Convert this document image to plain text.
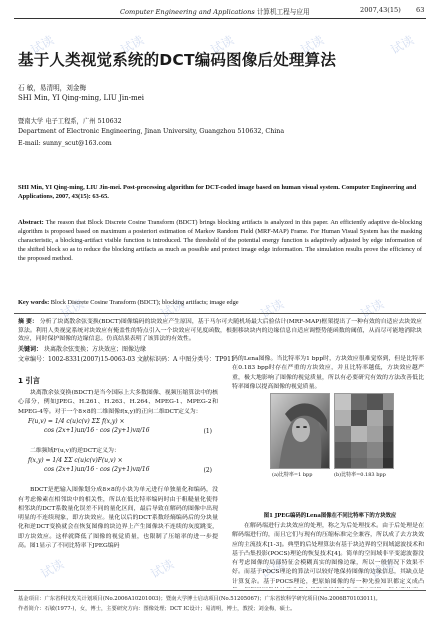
试读	试读	试读	试读	试读
试读	试读	试读	试读
试读	试读	试读	试读
Computer Engineering and Applications 计算机工程与应用	2007,43(15) 63
基于人类视觉系统的DCT编码图像后处理算法
石 敏，易清明，刘金梅
SHI Min, YI Qing-ming, LIU Jin-mei
暨南大学 电子工程系，广州 510632
Department of Electronic Engineering, Jinan University, Guangzhou 510632, China
E-mail: sunny_scut@163.com
SHI Min, YI Qing-ming, LIU Jin-mei. Post-processing algorithm for DCT-coded image based on human visual system. Computer Engineering and Applications, 2007, 43(15): 63-65.
Abstract: The reason that Block Discrete Cosine Transform (BDCT) brings blocking artifacts is analyzed in this paper. An efficiently adaptive de-blocking algorithm is proposed based on maximum a posteriori estimation of Markov Random Field (MRF-MAP) Frame. For Human Visual System has the masking characteristic, a blocking-artifact visible function is introduced. The threshold of the potential energy function is adaptively adjusted by edge information of the shifted block so as to reduce the blocking artifacts as much as possible and protect image edge information. The simulation results prove the efficiency of the proposed method.
Key words: Block Discrete Cosine Transform (BDCT); blocking artifacts; image edge
摘 要： 分析了块离散余弦变换(BDCT)图像编码的块效应产生原因，基于马尔可夫随机场最大后验估计(MRF-MAP)框架提出了一种有效的自适应去块效应算法。利用人类视觉系统对块效应有掩盖性的特点引入一个块效应可见度函数，根据移块块内的边缘信息自适应调整势能函数的阈值，从而尽可能地消除块效应，同时保护图像的边缘信息。仿真结果表明了该算法的有效性。
关键词： 块离散余弦变换；方块效应；图像边缘
文章编号：1002-8331(2007)15-0063-03 文献标识码：A 中图分类号：TP911
1 引言
块离散余弦变换(BDCT)是当今国际上大多数图像、视频压缩算法中的核心部分，例如JPEG、H.261、H.263、H.264、MPEG-1、MPEG-2和MPEG-4等。对于一个8×8的二维图像f(x,y)的正向二维DCT定义为：
F(u,v) = 1/4 c(u)c(v) ΣΣ f(x,y) ×
cos (2x+1)uπ/16 · cos (2y+1)vπ/16	(1)
二维频域F(u,v)的逆DCT定义为：
f(x,y) = 1/4 ΣΣ c(u)c(v)F(u,v) ×
cos (2x+1)uπ/16 · cos (2y+1)vπ/16	(2)
BDCT是把输入图像划分成8×8的小块为单元进行单独量化和编码，没有考虑像素在相邻块中的相关性，所以在低比特率编码时由于粗糙量化使得相邻块的DCT系数量化误差不同的量化区间，最后导致在解码的图像中出现明显的不连续现象，即方块效应。量化以后的DCT系数经熵编码后的分块量化和逆DCT变换就会在恢复图像的块边界上产生图像块不连续的灰度跳变，即方块效应。这样就降低了图像的视觉质量，也限制了压缩率的进一步提高。图1显示了不同比特率下JPEG编码
码的Lena图像。当比特率为1 bpp时，方块效应很难觉察到，但是比特率在0.183 bpp时存在严重的方块效应，并且比特率越低，方块效应越严重，极大地影响了图像的视觉质量，所以有必要研究有效的方法改善低比特率图像以提高图像的视觉质量。
(a)比特率=1 bpp	(b)比特率=0.183 bpp
图1 JPEG编码的Lena图像在不同比特率下的方块效应
在解码端进行去块效应的处理，称之为后处理技术。由于后处理是在解码端进行的，而且它们与现有的压缩标准完全兼容，所以成了去方块效应的主流技术[1-3]。典型的后处理算法有基于块边界的空间域滤波技术和基于凸集投影(POCS)理论的恢复技术[4]。简单的空间域非平变滤波器没有考虑图像的局部特征会模糊真实的图像边缘，所以一般情况下效果不好。而基于POCS理论的算法可以较好地保持图像的边缘信息，其缺点是计算复杂。基于POCS理论，把原始图像的每一种先验知识都定义成凸
基金项目：广东省科技攻关计划项目(No.2006A10201003)；暨南大学博士启动项目(No.51205067)；广东省软科学研究项目(No.2006B70103011)。
作者简介：石敏(1977-)，女，博士，主要研究方向：图像处理；DCT IC设计；易清明，博士，教授；刘金梅，硕士。
